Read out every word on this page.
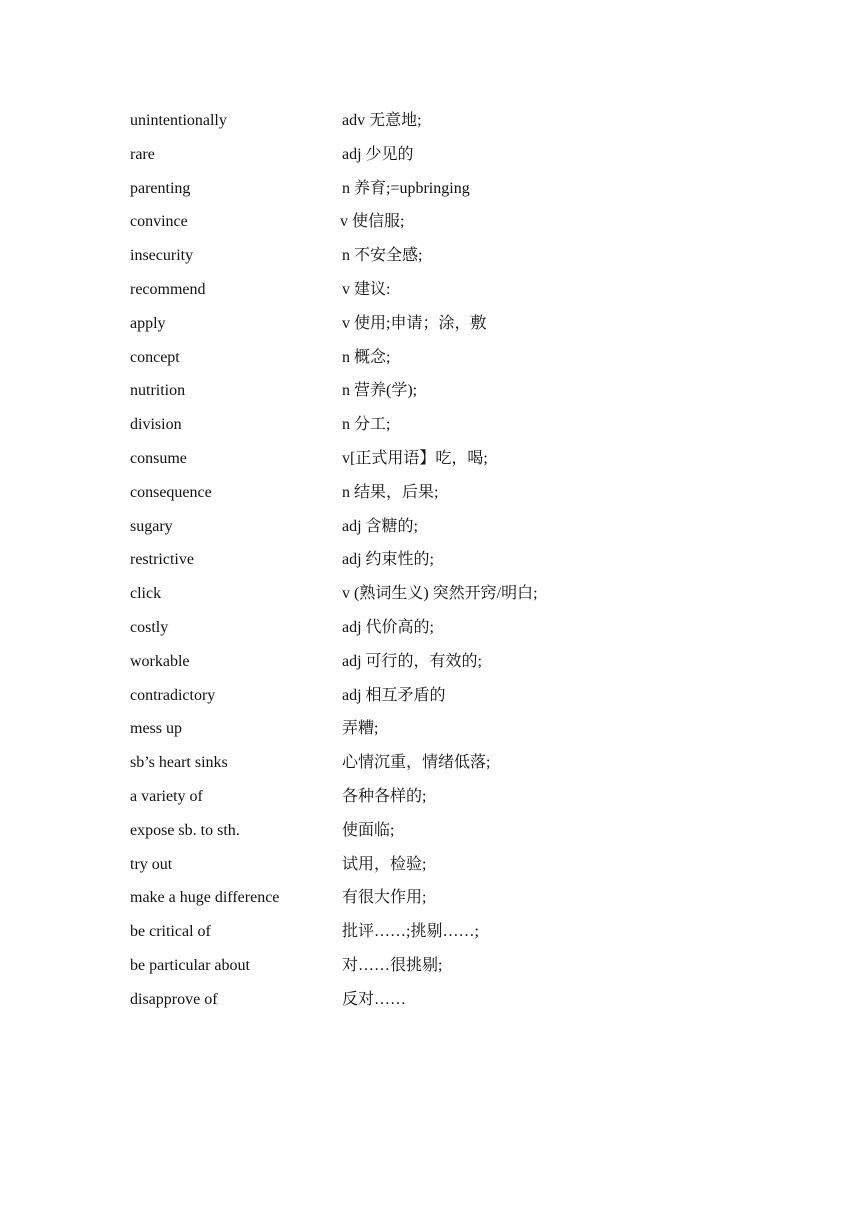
unintentionally	adv 无意地;
rare	adj 少见的
parenting	n 养育;=upbringing
convince	v 使信服;
insecurity	n 不安全感;
recommend	v 建议:
apply	v 使用;申请；涂，敷
concept	n 概念;
nutrition	n 营养(学);
division	n 分工;
consume	v[正式用语】吃，喝;
consequence	n 结果，后果;
sugary	adj 含糖的;
restrictive	adj 约束性的;
click	v (熟词生义) 突然开窍/明白;
costly	adj 代价高的;
workable	adj 可行的，有效的;
contradictory	adj 相互矛盾的
mess up	弄糟;
sb’s heart sinks	心情沉重，情绪低落;
a variety of	各种各样的;
expose sb. to sth.	使面临;
try out	试用，检验;
make a huge difference	有很大作用;
be critical of	批评……;挑剔……;
be particular about	对……很挑剔;
disapprove of	反对……
